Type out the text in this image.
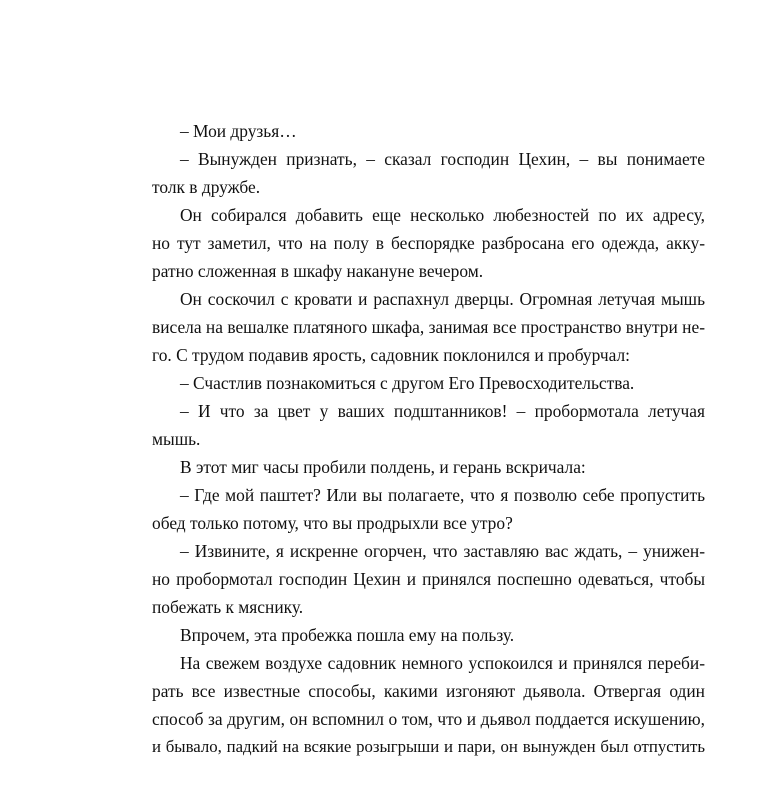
– Мои друзья…
– Вынужден признать, – сказал господин Цехин, – вы понимаете
толк в дружбе.
Он собирался добавить еще несколько любезностей по их адресу,
но тут заметил, что на полу в беспорядке разбросана его одежда, акку-
ратно сложенная в шкафу накануне вечером.
Он соскочил с кровати и распахнул дверцы. Огромная летучая мышь
висела на вешалке платяного шкафа, занимая все пространство внутри не-
го. С трудом подавив ярость, садовник поклонился и пробурчал:
– Счастлив познакомиться с другом Его Превосходительства.
– И что за цвет у ваших подштанников! – пробормотала летучая
мышь.
В этот миг часы пробили полдень, и герань вскричала:
– Где мой паштет? Или вы полагаете, что я позволю себе пропустить
обед только потому, что вы продрыхли все утро?
– Извините, я искренне огорчен, что заставляю вас ждать, – унижен-
но пробормотал господин Цехин и принялся поспешно одеваться, чтобы
побежать к мяснику.
Впрочем, эта пробежка пошла ему на пользу.
На свежем воздухе садовник немного успокоился и принялся переби-
рать все известные способы, какими изгоняют дьявола. Отвергая один
способ за другим, он вспомнил о том, что и дьявол поддается искушению,
и бывало, падкий на всякие розыгрыши и пари, он вынужден был отпустить
